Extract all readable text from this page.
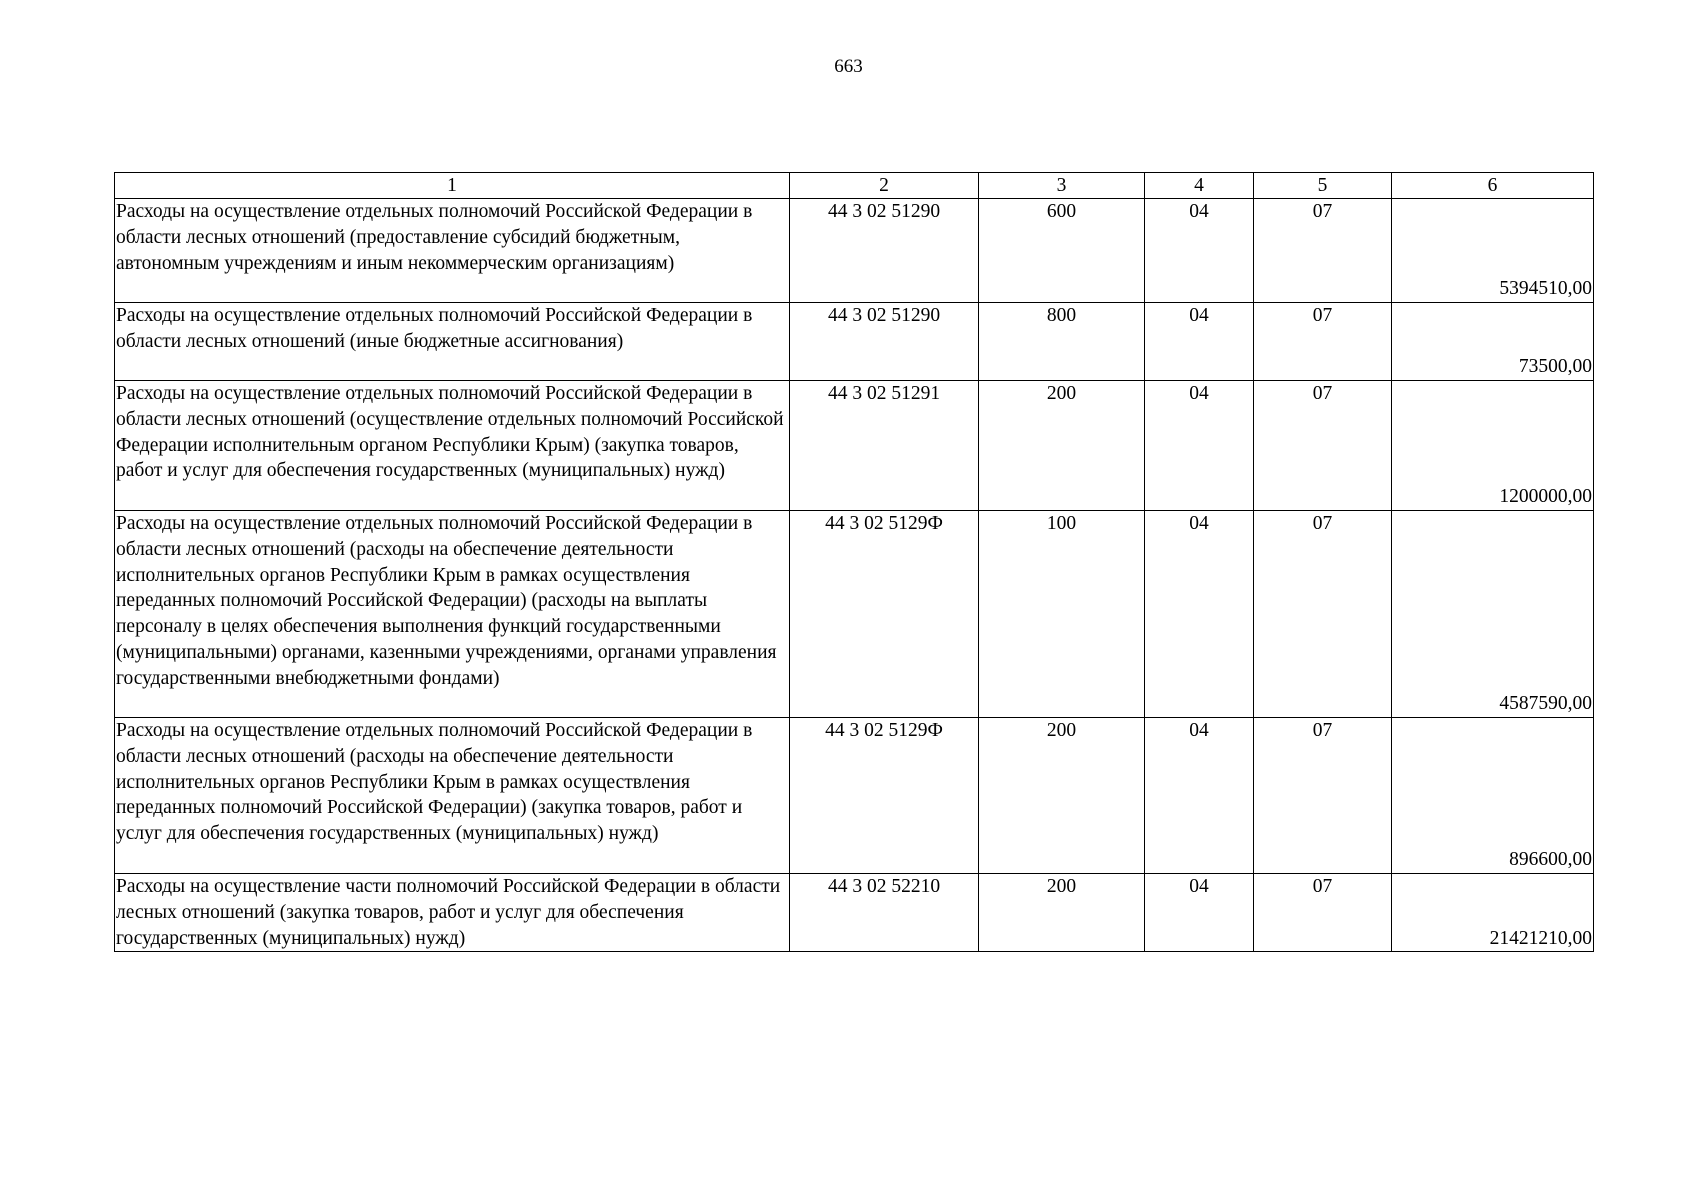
663
1	2	3	4	5	6
Расходы на осуществление отдельных полномочий Российской Федерации в области лесных отношений (предоставление субсидий бюджетным, автономным учреждениям и иным некоммерческим организациям)	44 3 02 51290	600	04	07	5394510,00
Расходы на осуществление отдельных полномочий Российской Федерации в области лесных отношений (иные бюджетные ассигнования)	44 3 02 51290	800	04	07	73500,00
Расходы на осуществление отдельных полномочий Российской Федерации в области лесных отношений (осуществление отдельных полномочий Российской Федерации исполнительным органом Республики Крым) (закупка товаров, работ и услуг для обеспечения государственных (муниципальных) нужд)	44 3 02 51291	200	04	07	1200000,00
Расходы на осуществление отдельных полномочий Российской Федерации в области лесных отношений (расходы на обеспечение деятельности исполнительных органов Республики Крым в рамках осуществления переданных полномочий Российской Федерации) (расходы на выплаты персоналу в целях обеспечения выполнения функций государственными (муниципальными) органами, казенными учреждениями, органами управления государственными внебюджетными фондами)	44 3 02 5129Ф	100	04	07	4587590,00
Расходы на осуществление отдельных полномочий Российской Федерации в области лесных отношений (расходы на обеспечение деятельности исполнительных органов Республики Крым в рамках осуществления переданных полномочий Российской Федерации) (закупка товаров, работ и услуг для обеспечения государственных (муниципальных) нужд)	44 3 02 5129Ф	200	04	07	896600,00
Расходы на осуществление части полномочий Российской Федерации в области лесных отношений (закупка товаров, работ и услуг для обеспечения государственных (муниципальных) нужд)	44 3 02 52210	200	04	07	21421210,00
